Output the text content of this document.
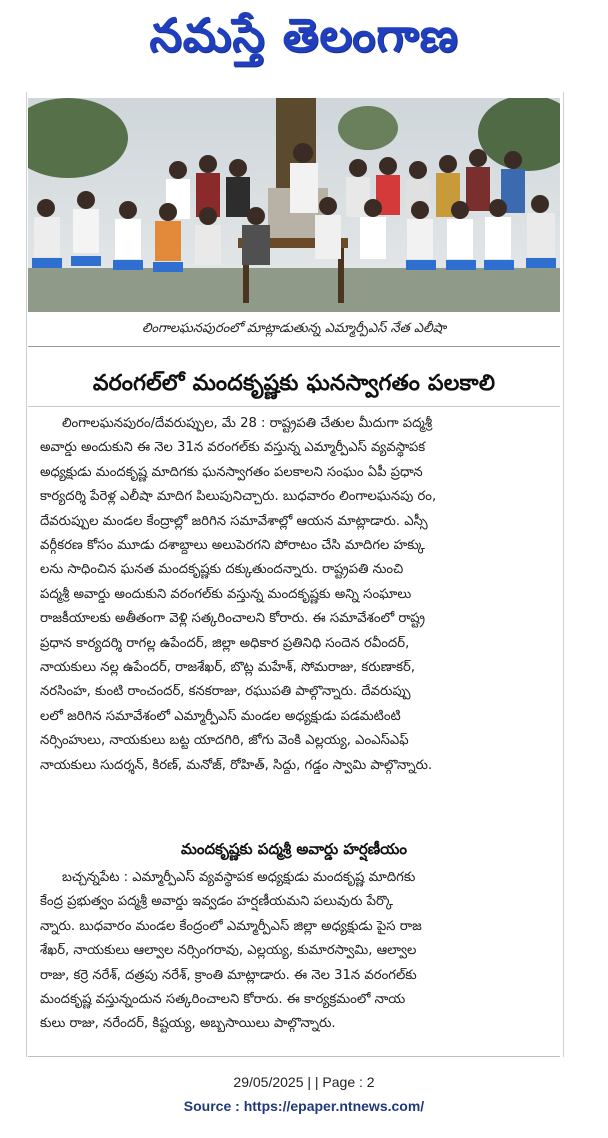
నమస్తే తెలంగాణ
లింగాలఘనపురంలో మాట్లాడుతున్న ఎమ్మార్పీఎస్ నేత ఎలీషా
వరంగల్‌లో మందకృష్ణకు ఘనస్వాగతం పలకాలి
లింగాలఘనపురం/దేవరుప్పుల, మే 28 : రాష్ట్రపతి చేతుల మీదుగా పద్మశ్రీ
అవార్డు అందుకుని ఈ నెల 31న వరంగల్‌కు వస్తున్న ఎమ్మార్పీఎస్ వ్యవస్థాపక
అధ్యక్షుడు మందకృష్ణ మాదిగకు ఘనస్వాగతం పలకాలని సంఘం ఏపీ ప్రధాన
కార్యదర్శి పేరెళ్ల ఎలీషా మాదిగ పిలుపునిచ్చారు. బుధవారం లింగాలఘనపు రం,
దేవరుప్పుల మండల కేంద్రాల్లో జరిగిన సమావేశాల్లో ఆయన మాట్లాడారు. ఎస్సీ
వర్గీకరణ కోసం మూడు దశాబ్దాలు అలుపెరగని పోరాటం చేసి మాదిగల హక్కు
లను సాధించిన ఘనత మందకృష్ణకు దక్కుతుందన్నారు. రాష్ట్రపతి నుంచి
పద్మశ్రీ అవార్డు అందుకుని వరంగల్‌కు వస్తున్న మందకృష్ణకు అన్ని సంఘాలు
రాజకీయాలకు అతీతంగా వెళ్లి సత్కరించాలని కోరారు. ఈ సమావేశంలో రాష్ట్ర
ప్రధాన కార్యదర్శి రాగల్ల ఉపేందర్, జిల్లా అధికార ప్రతినిధి సందెన రవీందర్,
నాయకులు నల్ల ఉపేందర్, రాజశేఖర్, బొట్ల మహేశ్, సోమరాజు, కరుణాకర్,
నరసింహ, కుంటి రాంచందర్, కనకరాజు, రఘుపతి పాల్గొన్నారు. దేవరుప్పు
లలో జరిగిన సమావేశంలో ఎమ్మార్పీఎస్ మండల అధ్యక్షుడు పడమటింటి
నర్సింహులు, నాయకులు బట్ట యాదగిరి, జోగు వెంకి ఎల్లయ్య, ఎంఎస్ఎఫ్
నాయకులు సుదర్శన్, కిరణ్, మనోజ్, రోహిత్, సిద్దు, గడ్డం స్వామి పాల్గొన్నారు.
మందకృష్ణకు పద్మశ్రీ అవార్డు హర్షణీయం
బచ్చన్నపేట : ఎమ్మార్పీఎస్ వ్యవస్థాపక అధ్యక్షుడు మందకృష్ణ మాదిగకు
కేంద్ర ప్రభుత్వం పద్మశ్రీ అవార్డు ఇవ్వడం హర్షణీయమని పలువురు పేర్కొ
న్నారు. బుధవారం మండల కేంద్రంలో ఎమ్మార్పీఎస్ జిల్లా అధ్యక్షుడు పైస రాజ
శేఖర్, నాయకులు ఆల్వాల నర్సింగరావు, ఎల్లయ్య, కుమారస్వామి, ఆల్వాల
రాజు, కర్రె నరేశ్, దత్రపు నరేశ్, క్రాంతి మాట్లాడారు. ఈ నెల 31న వరంగల్‌కు
మందకృష్ణ వస్తున్నందున సత్కరించాలని కోరారు. ఈ కార్యక్రమంలో నాయ
కులు రాజు, నరేందర్, కిష్టయ్య, అబ్బసాయిలు పాల్గొన్నారు.
29/05/2025 | | Page : 2
Source : https://epaper.ntnews.com/
